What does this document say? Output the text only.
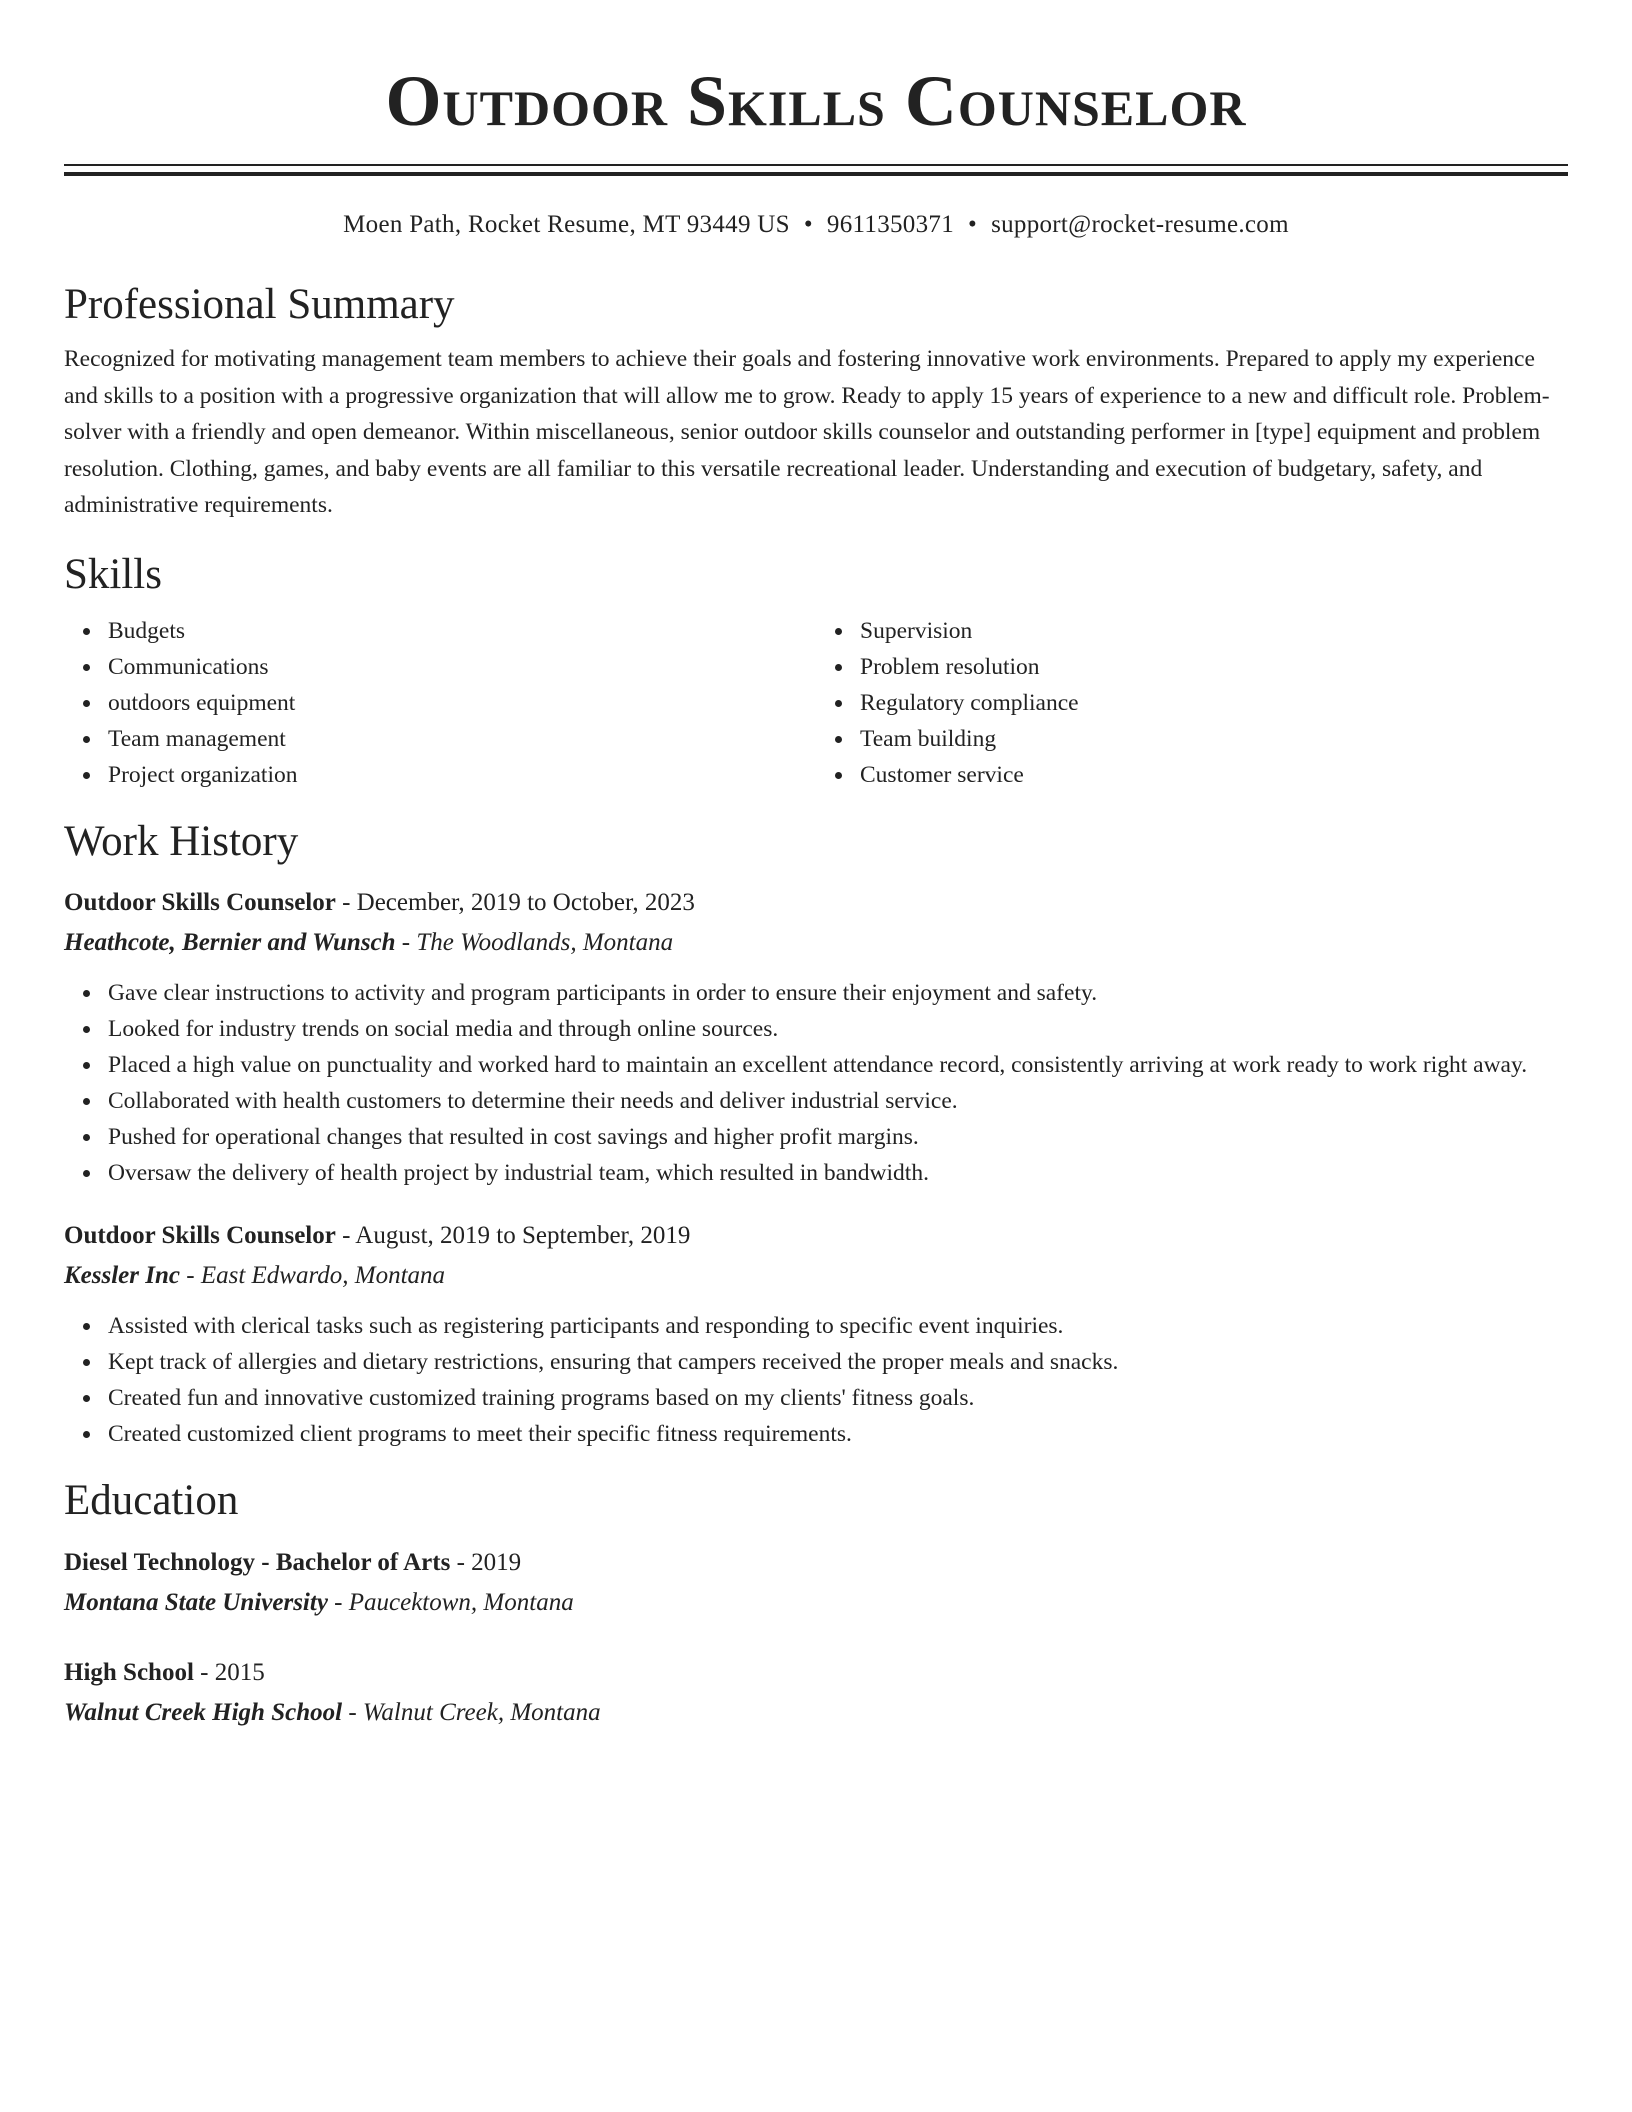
Outdoor Skills Counselor
Moen Path, Rocket Resume, MT 93449 US • 9611350371 • support@rocket-resume.com
Professional Summary

Recognized for motivating management team members to achieve their goals and fostering innovative work environments. Prepared to apply my experience and skills to a position with a progressive organization that will allow me to grow. Ready to apply 15 years of experience to a new and difficult role. Problem-solver with a friendly and open demeanor. Within miscellaneous, senior outdoor skills counselor and outstanding performer in [type] equipment and problem resolution. Clothing, games, and baby events are all familiar to this versatile recreational leader. Understanding and execution of budgetary, safety, and administrative requirements.

Skills
Budgets
Communications
outdoors equipment
Team management
Project organization
Supervision
Problem resolution
Regulatory compliance
Team building
Customer service
Work History
Outdoor Skills Counselor - December, 2019 to October, 2023
Heathcote, Bernier and Wunsch - The Woodlands, Montana
Gave clear instructions to activity and program participants in order to ensure their enjoyment and safety.
Looked for industry trends on social media and through online sources.
Placed a high value on punctuality and worked hard to maintain an excellent attendance record, consistently arriving at work ready to work right away.
Collaborated with health customers to determine their needs and deliver industrial service.
Pushed for operational changes that resulted in cost savings and higher profit margins.
Oversaw the delivery of health project by industrial team, which resulted in bandwidth.
Outdoor Skills Counselor - August, 2019 to September, 2019
Kessler Inc - East Edwardo, Montana
Assisted with clerical tasks such as registering participants and responding to specific event inquiries.
Kept track of allergies and dietary restrictions, ensuring that campers received the proper meals and snacks.
Created fun and innovative customized training programs based on my clients' fitness goals.
Created customized client programs to meet their specific fitness requirements.
Education
Diesel Technology - Bachelor of Arts - 2019
Montana State University - Paucektown, Montana
High School - 2015
Walnut Creek High School - Walnut Creek, Montana
